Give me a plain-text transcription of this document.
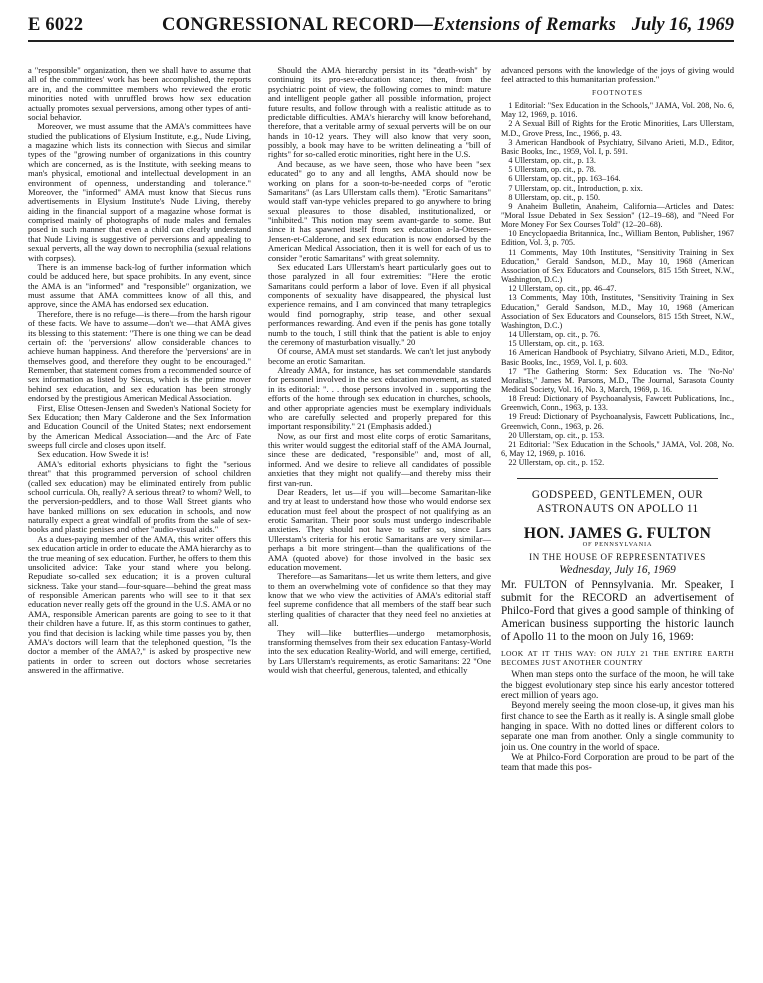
E 6022	CONGRESSIONAL RECORD—Extensions of Remarks July 16, 1969

a "responsible" organization, then we shall have to assume that all of the committees' work has been accomplished, the reports are in, and the committee members who reviewed the erotic minorities noted with unruffled brows how sex education actually promotes sexual perversions, among other types of anti-social behavior.

Moreover, we must assume that the AMA's committees have studied the publications of Elysium Institute, e.g., Nude Living, a magazine which lists its connection with Siecus and similar types of the "growing number of organizations in this country which are concerned, as is the Institute, with seeking means to man's physical, emotional and intellectual development in an environment of openness, understanding and tolerance." Moreover, the "informed" AMA must know that Siecus runs advertisements in Elysium Institute's Nude Living, thereby aiding in the financial support of a magazine whose format is comprised mainly of photographs of nude males and females posed in such manner that even a child can clearly understand that Nude Living is suggestive of perversions and appealing to sexual perverts, all the way down to necrophilia (sexual relations with corpses).

There is an immense back-log of further information which could be adduced here, but space prohibits. In any event, since the AMA is an "informed" and "responsible" organization, we must assume that AMA committees know of all this, and approve, since the AMA has endorsed sex education.

Therefore, there is no refuge—is there—from the harsh rigour of these facts. We have to assume—don't we—that AMA gives its blessing to this statement: "There is one thing we can be dead certain of: the 'perversions' allow considerable chances to achieve human happiness. And therefore the 'perversions' are in themselves good, and therefore they ought to be encouraged." Remember, that statement comes from a recommended source of sex information as listed by Siecus, which is the prime mover behind sex education, and sex education has been strongly endorsed by the prestigious American Medical Association.

First, Elise Ottesen-Jensen and Sweden's National Society for Sex Education; then Mary Calderone and the Sex Information and Education Council of the United States; next endorsement by the American Medical Association—and the Arc of Fate sweeps full circle and closes upon itself.

Sex education. How Swede it is!

AMA's editorial exhorts physicians to fight the "serious threat" that this programmed perversion of school children (called sex education) may be eliminated entirely from public school curricula. Oh, really? A serious threat? to whom? Well, to the perversion-peddlers, and to those Wall Street giants who have banked millions on sex education in schools, and now naturally expect a great windfall of profits from the sale of sex-books and plastic penises and other "audio-visual aids."

As a dues-paying member of the AMA, this writer offers this sex education article in order to educate the AMA hierarchy as to the true meaning of sex education. Further, he offers to them this unsolicited advice: Take your stand where you belong. Repudiate so-called sex education; it is a proven cultural sickness. Take your stand—four-square—behind the great mass of responsible American parents who will see to it that sex education never really gets off the ground in the U.S. AMA or no AMA, responsible American parents are going to see to it that their children have a future. If, as this storm continues to gather, you find that decision is lacking while time passes you by, then AMA's doctors will learn that the telephoned question, "Is the doctor a member of the AMA?," is asked by prospective new patients in order to screen out doctors whose secretaries answered in the affirmative.

Should the AMA hierarchy persist in its "death-wish" by continuing its pro-sex-education stance; then, from the psychiatric point of view, the following comes to mind: mature and intelligent people gather all possible information, project future results, and follow through with a realistic attitude as to predictable difficulties. AMA's hierarchy will know beforehand, therefore, that a veritable army of sexual perverts will be on our hands in 10-12 years. They will also know that very soon, possibly, a book may have to be written delineating a "bill of rights" for so-called erotic minorities, right here in the U.S.

And because, as we have seen, those who have been "sex educated" go to any and all lengths, AMA should now be working on plans for a soon-to-be-needed corps of "erotic Samaritans" (as Lars Ullerstam calls them). "Erotic Samaritans" would staff van-type vehicles prepared to go anywhere to bring sexual pleasures to those disabled, institutionalized, or "inhibited." This notion may seem avant-garde to some. But since it has spawned itself from sex education a-la-Ottesen-Jensen-et-Calderone, and sex education is now endorsed by the American Medical Association, then it is well for each of us to consider "erotic Samaritans" with great solemnity.

Sex educated Lars Ullerstam's heart particularly goes out to those paralyzed in all four extremities: "Here the erotic Samaritans could perform a labor of love. Even if all physical components of sexuality have disappeared, the physical lust experience remains, and I am convinced that many tetraplegics would find pornography, strip tease, and other sexual performances rewarding. And even if the penis has gone totally numb to the touch, I still think that the patient is able to enjoy the ceremony of masturbation visually." 20

Of course, AMA must set standards. We can't let just anybody become an erotic Samaritan.

Already AMA, for instance, has set commendable standards for personnel involved in the sex education movement, as stated in its editorial: ". . . those persons involved in . supporting the efforts of the home through sex education in churches, schools, and other appropriate agencies must be exemplary individuals who are carefully selected and properly prepared for this important responsibility." 21 (Emphasis added.)

Now, as our first and most elite corps of erotic Samaritans, this writer would suggest the editorial staff of the AMA Journal, since these are dedicated, "responsible" and, most of all, informed. And we desire to relieve all candidates of possible anxieties that they might not qualify—and thereby miss their first van-run.

Dear Readers, let us—if you will—become Samaritan-like and try at least to understand how those who would endorse sex education must feel about the prospect of not qualifying as an erotic Samaritan. Their poor souls must undergo indescribable anxieties. They should not have to suffer so, since Lars Ullerstam's criteria for his erotic Samaritans are very similar—perhaps a bit more stringent—than the qualifications of the AMA (quoted above) for those involved in the basic sex education movement.

Therefore—as Samaritans—let us write them letters, and give to them an overwhelming vote of confidence so that they may know that we who view the activities of AMA's editorial staff feel supreme confidence that all members of the staff bear such sterling qualities of character that they need feel no anxieties at all.

They will—like butterflies—undergo metamorphosis, transforming themselves from their sex education Fantasy-World into the sex education Reality-World, and will emerge, certified, by Lars Ullerstam's requirements, as erotic Samaritans: 22 "One would wish that cheerful, generous, talented, and ethically

advanced persons with the knowledge of the joys of giving would feel attracted to this humanitarian profession."

FOOTNOTES

1 Editorial: "Sex Education in the Schools," JAMA, Vol. 208, No. 6, May 12, 1969, p. 1016.

2 A Sexual Bill of Rights for the Erotic Minorities, Lars Ullerstam, M.D., Grove Press, Inc., 1966, p. 43.

3 American Handbook of Psychiatry, Silvano Arieti, M.D., Editor, Basic Books, Inc., 1959, Vol. I, p. 591.

4 Ullerstam, op. cit., p. 13.

5 Ullerstam, op. cit., p. 78.

6 Ullerstam, op. cit., pp. 163–164.

7 Ullerstam, op. cit., Introduction, p. xix.

8 Ullerstam, op. cit., p. 150.

9 Anaheim Bulletin, Anaheim, California—Articles and Dates: "Moral Issue Debated in Sex Session" (12–19–68), and "Need For More Money For Sex Courses Told" (12–20–68).

10 Encyclopaedia Britannica, Inc., William Benton, Publisher, 1967 Edition, Vol. 3, p. 705.

11 Comments, May 10th Institutes, "Sensitivity Training in Sex Education," Gerald Sandson, M.D., May 10, 1968 (American Association of Sex Educators and Counselors, 815 15th Street, N.W., Washington, D.C.)

12 Ullerstam, op. cit., pp. 46–47.

13 Comments, May 10th, Institutes, "Sensitivity Training in Sex Education," Gerald Sandson, M.D., May 10, 1968 (American Association of Sex Educators and Counselors, 815 15th Street, N.W., Washington, D.C.)

14 Ullerstam, op. cit., p. 76.

15 Ullerstam, op. cit., p. 163.

16 American Handbook of Psychiatry, Silvano Arieti, M.D., Editor, Basic Books, Inc., 1959, Vol. I, p. 603.

17 "The Gathering Storm: Sex Education vs. The 'No-No' Moralists," James M. Parsons, M.D., The Journal, Sarasota County Medical Society, Vol. 16, No. 3, March, 1969, p. 16.

18 Freud: Dictionary of Psychoanalysis, Fawcett Publications, Inc., Greenwich, Conn., 1963, p. 133.

19 Freud: Dictionary of Psychoanalysis, Fawcett Publications, Inc., Greenwich, Conn., 1963, p. 26.

20 Ullerstam, op. cit., p. 153.

21 Editorial: "Sex Education in the Schools," JAMA, Vol. 208, No. 6, May 12, 1969, p. 1016.

22 Ullerstam, op. cit., p. 152.

GODSPEED, GENTLEMEN, OUR ASTRONAUTS ON APOLLO 11
HON. JAMES G. FULTON
OF PENNSYLVANIA
IN THE HOUSE OF REPRESENTATIVES
Wednesday, July 16, 1969

Mr. FULTON of Pennsylvania. Mr. Speaker, I submit for the RECORD an advertisement of Philco-Ford that gives a good sample of thinking of American business supporting the historic launch of Apollo 11 to the moon on July 16, 1969:

LOOK AT IT THIS WAY: ON JULY 21 THE ENTIRE EARTH BECOMES JUST ANOTHER COUNTRY

When man steps onto the surface of the moon, he will take the biggest evolutionary step since his early ancestor tottered erect million of years ago.

Beyond merely seeing the moon close-up, it gives man his first chance to see the Earth as it really is. A single small globe hanging in space. With no dotted lines or different colors to separate one man from another. Only a single community to join us. One country in the world of space.

We at Philco-Ford Corporation are proud to be part of the team that made this pos-
